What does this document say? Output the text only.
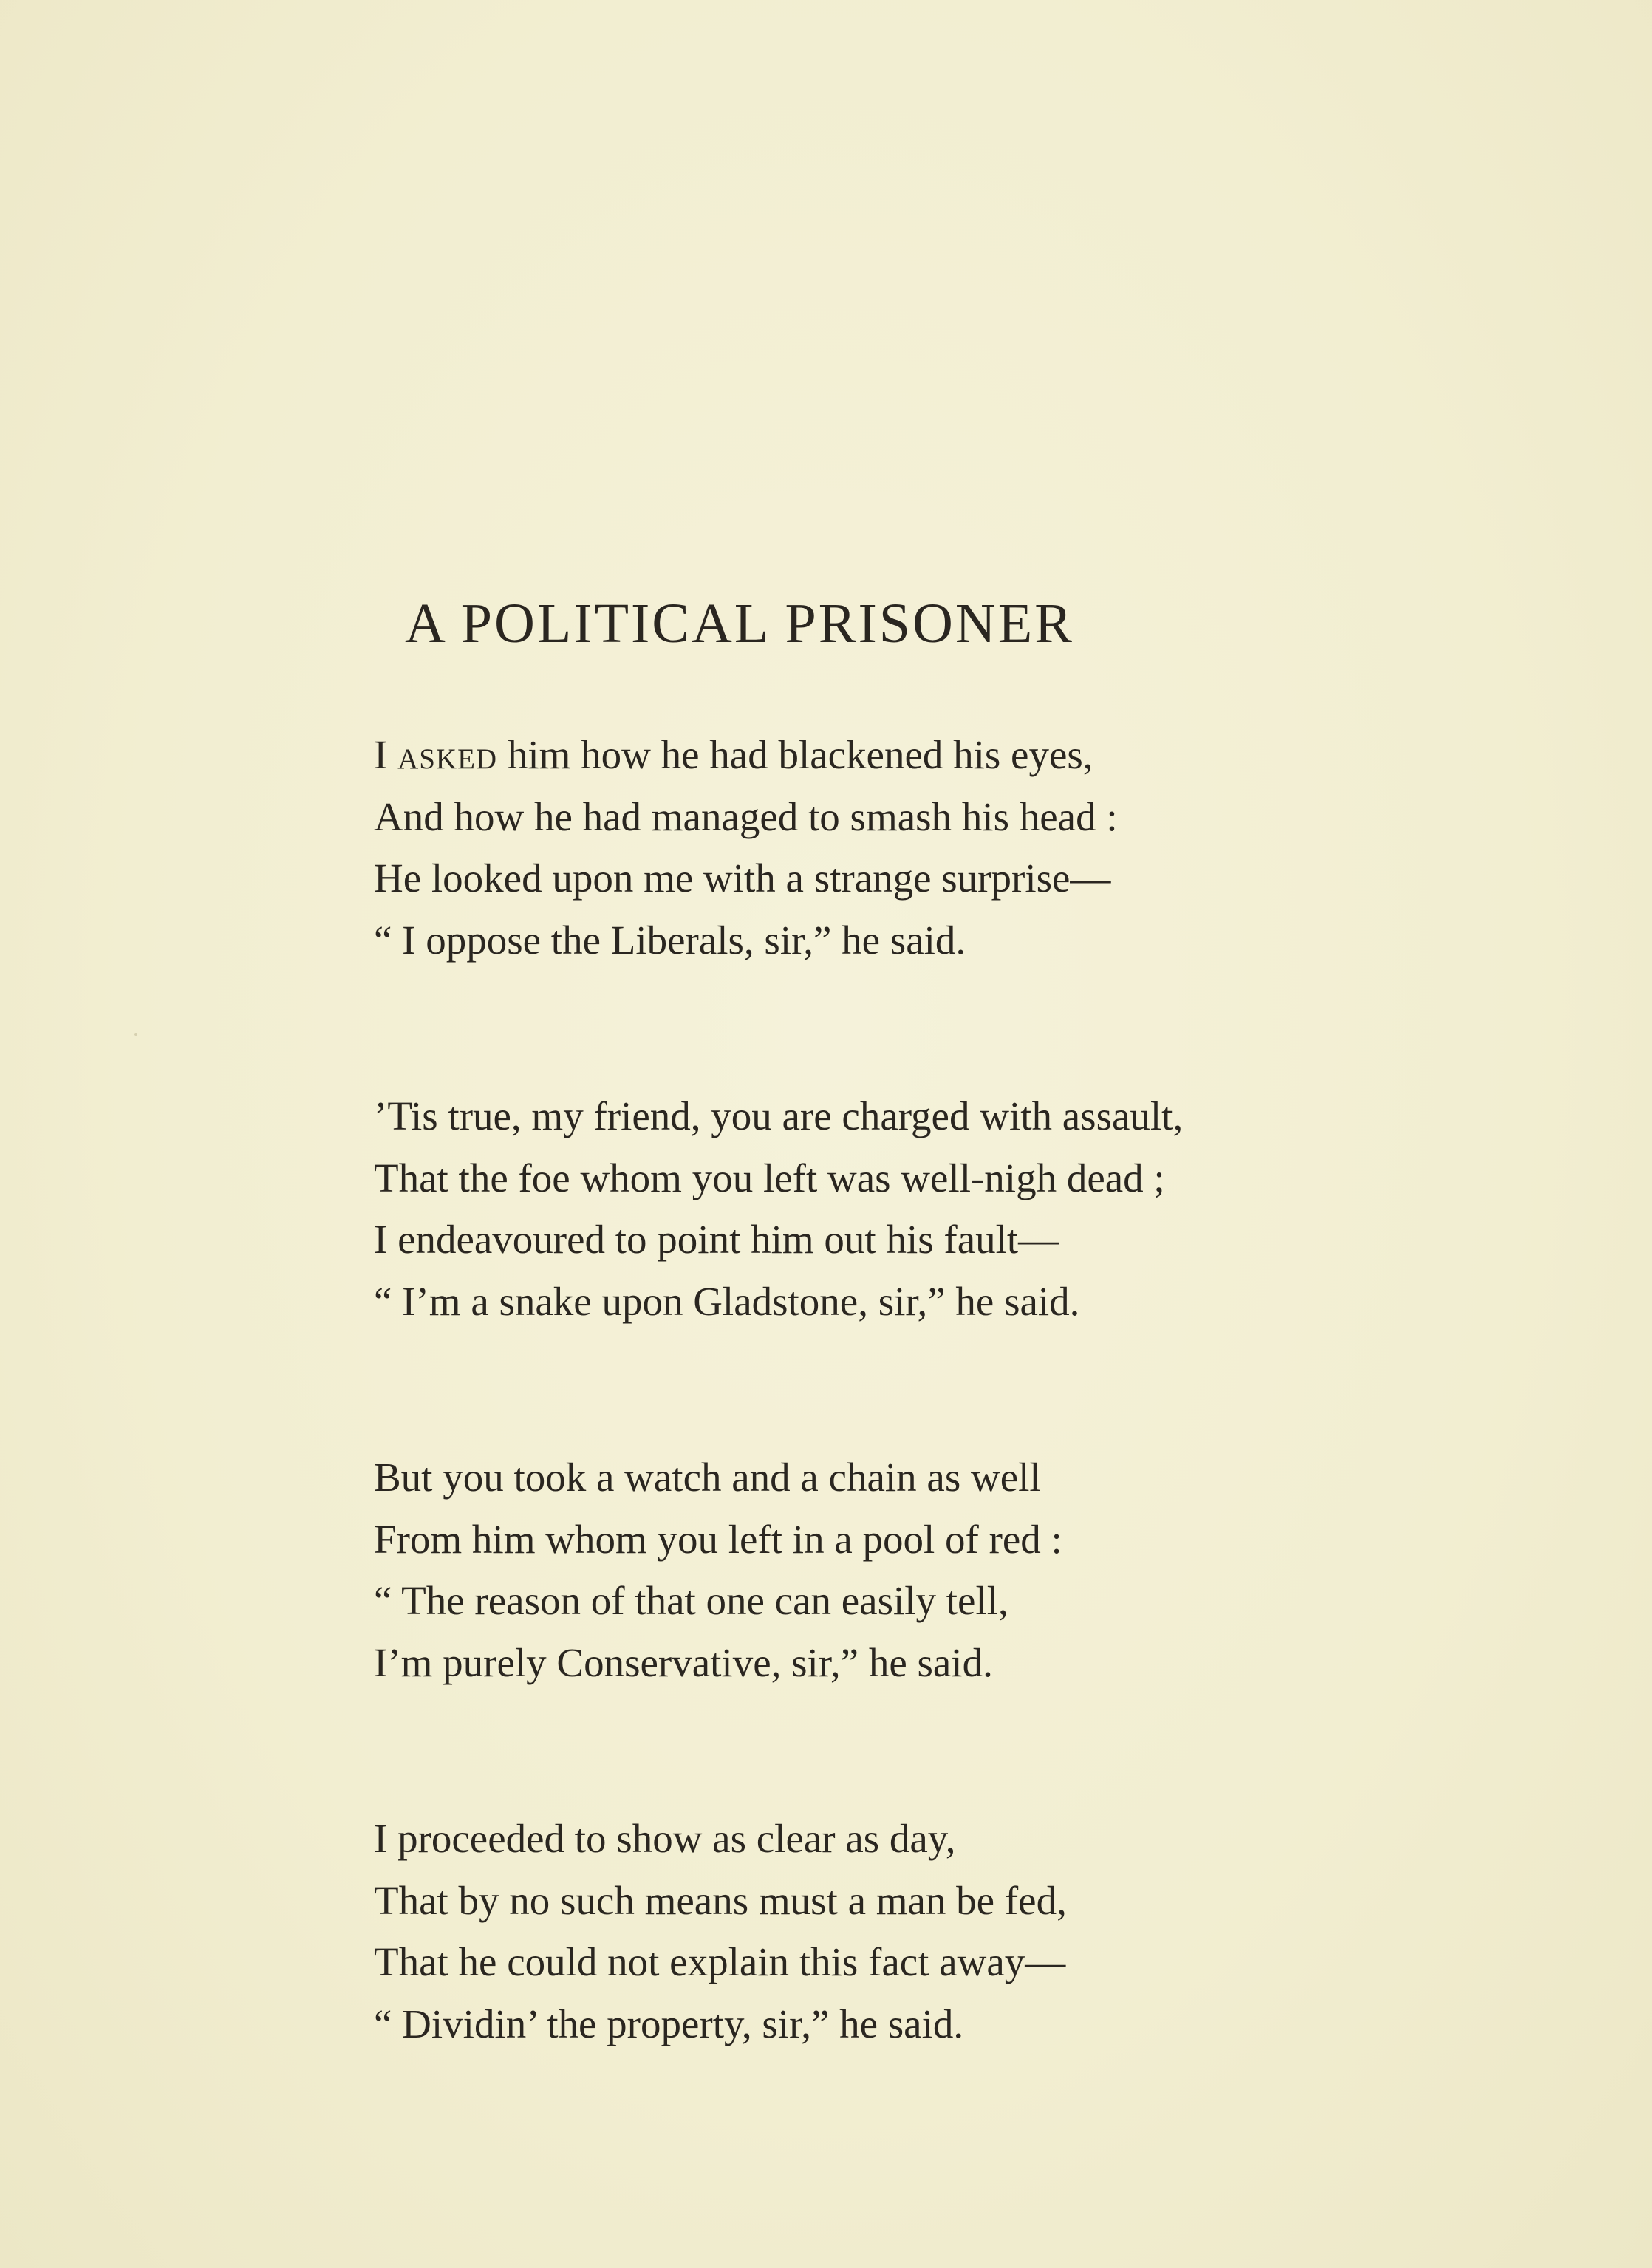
A POLITICAL PRISONER

I asked him how he had blackened his eyes,

And how he had managed to smash his head :

He looked upon me with a strange surprise—

“ I oppose the Liberals, sir,” he said.

’Tis true, my friend, you are charged with assault,

That the foe whom you left was well-nigh dead ;

I endeavoured to point him out his fault—

“ I’m a snake upon Gladstone, sir,” he said.

But you took a watch and a chain as well

From him whom you left in a pool of red :

“ The reason of that one can easily tell,

I’m purely Conservative, sir,” he said.

I proceeded to show as clear as day,

That by no such means must a man be fed,

That he could not explain this fact away—

“ Dividin’ the property, sir,” he said.
